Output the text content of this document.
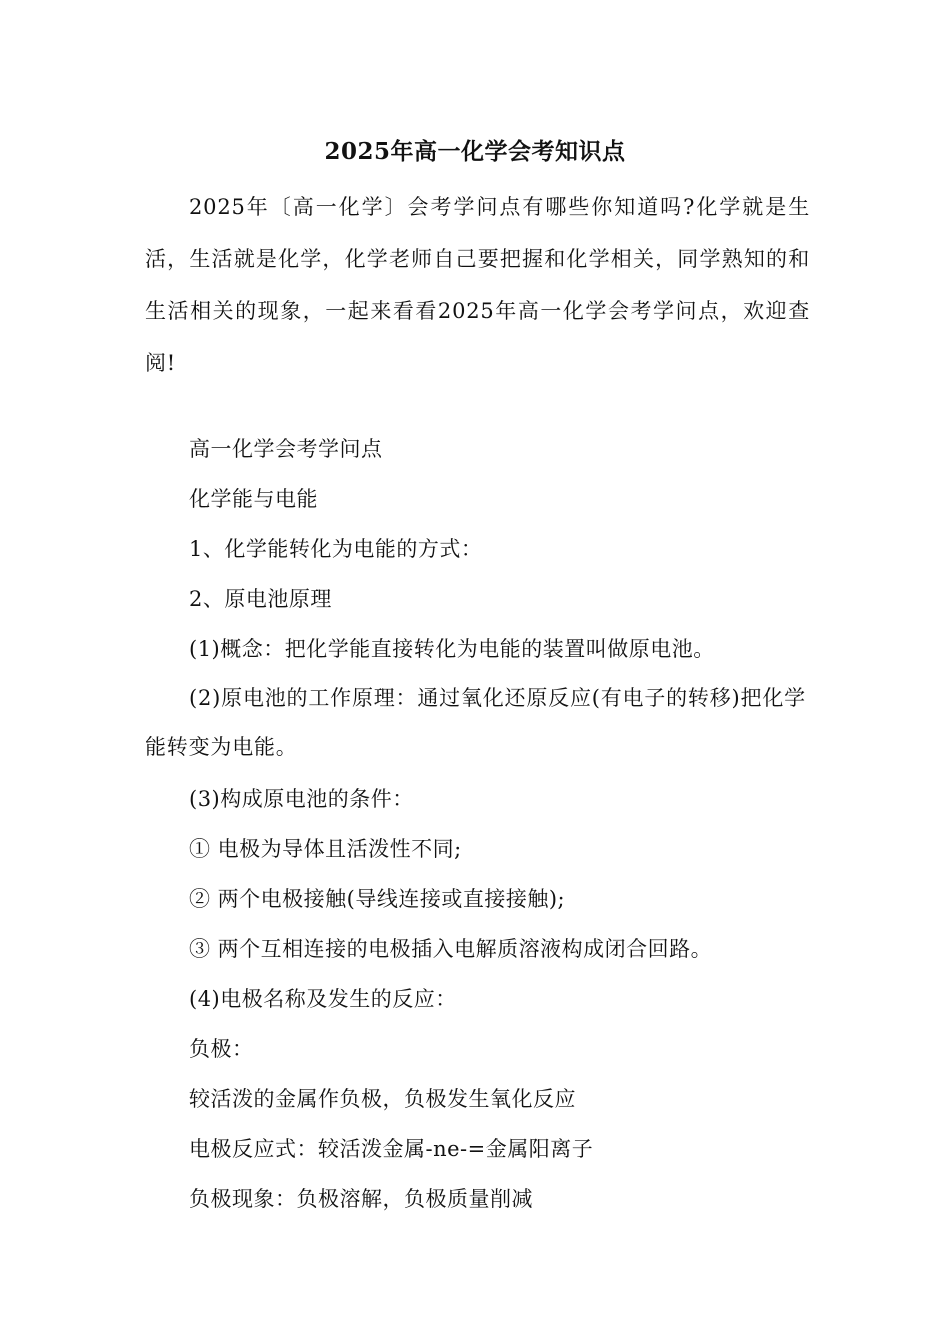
2025年高一化学会考知识点

2025年〔高一化学〕会考学问点有哪些你知道吗?化学就是生活，生活就是化学，化学老师自己要把握和化学相关，同学熟知的和生活相关的现象，一起来看看2025年高一化学会考学问点，欢迎查阅!

高一化学会考学问点

化学能与电能

1、化学能转化为电能的方式：

2、原电池原理

(1)概念：把化学能直接转化为电能的装置叫做原电池。

(2)原电池的工作原理：通过氧化还原反应(有电子的转移)把化学能转变为电能。

(3)构成原电池的条件：

① 电极为导体且活泼性不同;

② 两个电极接触(导线连接或直接接触);

③ 两个互相连接的电极插入电解质溶液构成闭合回路。

(4)电极名称及发生的反应：

负极：

较活泼的金属作负极，负极发生氧化反应

电极反应式：较活泼金属-ne-=金属阳离子

负极现象：负极溶解，负极质量削减
